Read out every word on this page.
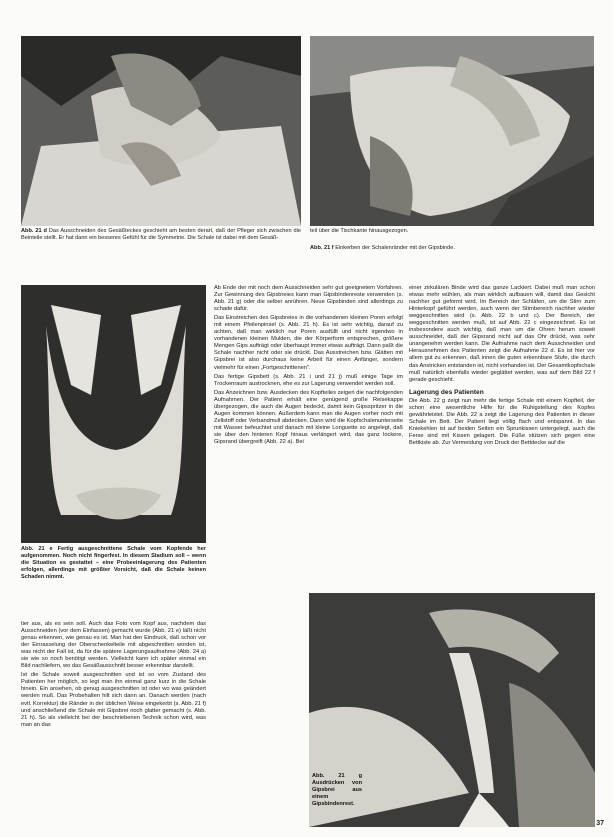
Abb. 21 d Das Ausschneiden des Gesäßteckes geschieht am besten derart, daß der Pfleger sich zwischen die Beinteile stellt. Er hat dann ein besseres Gefühl für die Symmetrie. Die Schale ist dabei mit dem Gesäß-
teil über die Tischkante hinausgezogen.
Abb. 21 f Einkerben der Schalenränder mit der Gipsbinde.
Abb. 21 e Fertig ausgeschnittene Schale vom Kopfende her aufgenommen. Noch nicht fingerfest. In diesem Stadium soll – wenn die Situation es gestattet – eine Probeeinlagerung des Patienten erfolgen, allerdings mit größter Vorsicht, daß die Schale keinen Schaden nimmt.

Ab Ende der mit noch dem Ausschneiden sehr gut geeignetem Vorfahren. Zur Gewinnung des Gipsbreies kann man Gipsbindenreste verwenden (s. Abb. 21 g) oder die selber anrühren. Neue Gipsbinden sind allerdings zu schade dafür.

Das Einstreichen des Gipsbreies in die vorhandenen kleinen Poren erfolgt mit einem Pfeilenpinsel (s. Abb. 21 h). Es ist sehr wichtig, darauf zu achten, daß man wirklich nur Poren ausfüllt und nicht irgendwo in vorhandenen kleinen Mulden, die der Körperform entsprechen, größere Mengen Gips aufträgt oder überhaupt immer etwas aufträgt. Dann paßt die Schale nachher nicht oder sie drückt. Das Ausstreichen bzw. Glätten mit Gipsbrei ist also durchaus keine Arbeit für einen Anfänger, sondern vielmehr für einen „Fortgeschrittenen".

Das fertige Gipsbett (s. Abb. 21 i und 21 j) muß einige Tage im Trockenraum austrocknen, ehe es zur Lagerung verwendet werden soll.

Das Anzeichnen bzw. Ausdecken des Kopfteiles zeigen die nachfolgenden Aufnahmen. Der Patient erhält eine genügend große Reisekappe übergezogen, die auch die Augen bedeckt, damit kein Gipsspritzer in die Augen kommen können. Außerdem kann man die Augen vorher noch mit Zellstoff oder Verbandmull abdecken. Dann wird die Kopfschalenunterseite mit Wasser befeuchtet und danach mit kleine Longuette so angelegt, daß sie über den hinteren Kopf hinaus verlängert wird, das ganz lockere, Gipsrand übergreift (Abb. 22 a). Bei

einer zirkulären Binde wird das ganze Lackiert. Dabei muß man schon etwas mehr wühlen, als man wirklich aufbauen will, damit das Gesicht nachher gut geformt wird. Im Bereich der Schläfen, um die Stirn zum Hinterkopf geführt werden, auch wenn der Stirnbereich nachher wieder weggeschnitten wird (s. Abb. 22 b und c). Der Bereich, der weggeschnitten werden muß, ist auf Abb. 22 c eingezeichnet. Es ist insbesondere auch wichtig, daß man um die Ohren herum soweit ausschneidet, daß der Gipsrand nicht auf das Ohr drückt, was sehr unangenehm werden kann. Die Aufnahme nach dem Ausschneiden und Herausnehmen des Patienten zeigt die Aufnahme 22 d. Es ist hier vor allem gut zu erkennen, daß innen die guten erkennbare Stufe, die durch das Anstricken entstanden ist, nicht vorhanden ist. Der Gesamtkopfschale muß natürlich ebenfalls wieder geglättet werden, was auf dem Bild 22 f gerade geschieht.

Lagerung des Patienten

Die Abb. 22 g zeigt nun mehr die fertige Schale mit einem Kopfteil, der schon eine wesentliche Hilfe für die Ruhigstellung des Kopfes gewährleistet. Die Abb. 22 a zeigt die Lagerung des Patienten in dieser Schale im Bett. Der Patient liegt völlig flach und entspannt. In das Kniekehlen ist auf beiden Seiten ein Sprunkissen untergelegt, auch die Ferse sind mit Kissen gelagert. Die Füße stützen sich gegen eine Bettkiste ab. Zur Vermeidung von Druck der Bettdecke auf die

tier aus, als es sein soll. Auch das Foto vom Kopf aus, nachdem das Ausschneiden (vor dem Einfassen) gemacht wurde (Abb. 21 e) läßt nicht genau erkennen, wie genau es ist. Man hat den Eindruck, daß schon vor der Einrasselung der Oberschenkelteile mit abgeschnitten worden ist, was nicht der Fall ist, da für die spätere Lagerungsaufnahme (Abb. 24 a) sie wie so noch benötigt werden. Vielleicht kann ich später einmal ein Bild nachliefern, wo das Gesäßausschnitt besser erkennbar darstellt.

Ist die Schale soweit ausgeschnitten und ist so vom Zustand des Patienten her möglich, so legt man ihn einmal ganz kurz in die Schale hinein. Ein ansehen, ob genug ausgeschnitten ist oder wo was geändert werden muß. Das Probehalten hilt sich dann an. Danach werden (nach evtl. Korrektur) die Ränder in der üblichen Weise eingekerbt (s. Abb. 21 f) und anschließend die Schale mit Gipsbrei noch glatter gemacht (s. Abb. 21 h). So als vielleicht bei der beschriebenen Technik schon wird, was man an das

Abb. 21 g Ausdrücken von Gipsbrei aus einem Gipsbindenrest.
37
